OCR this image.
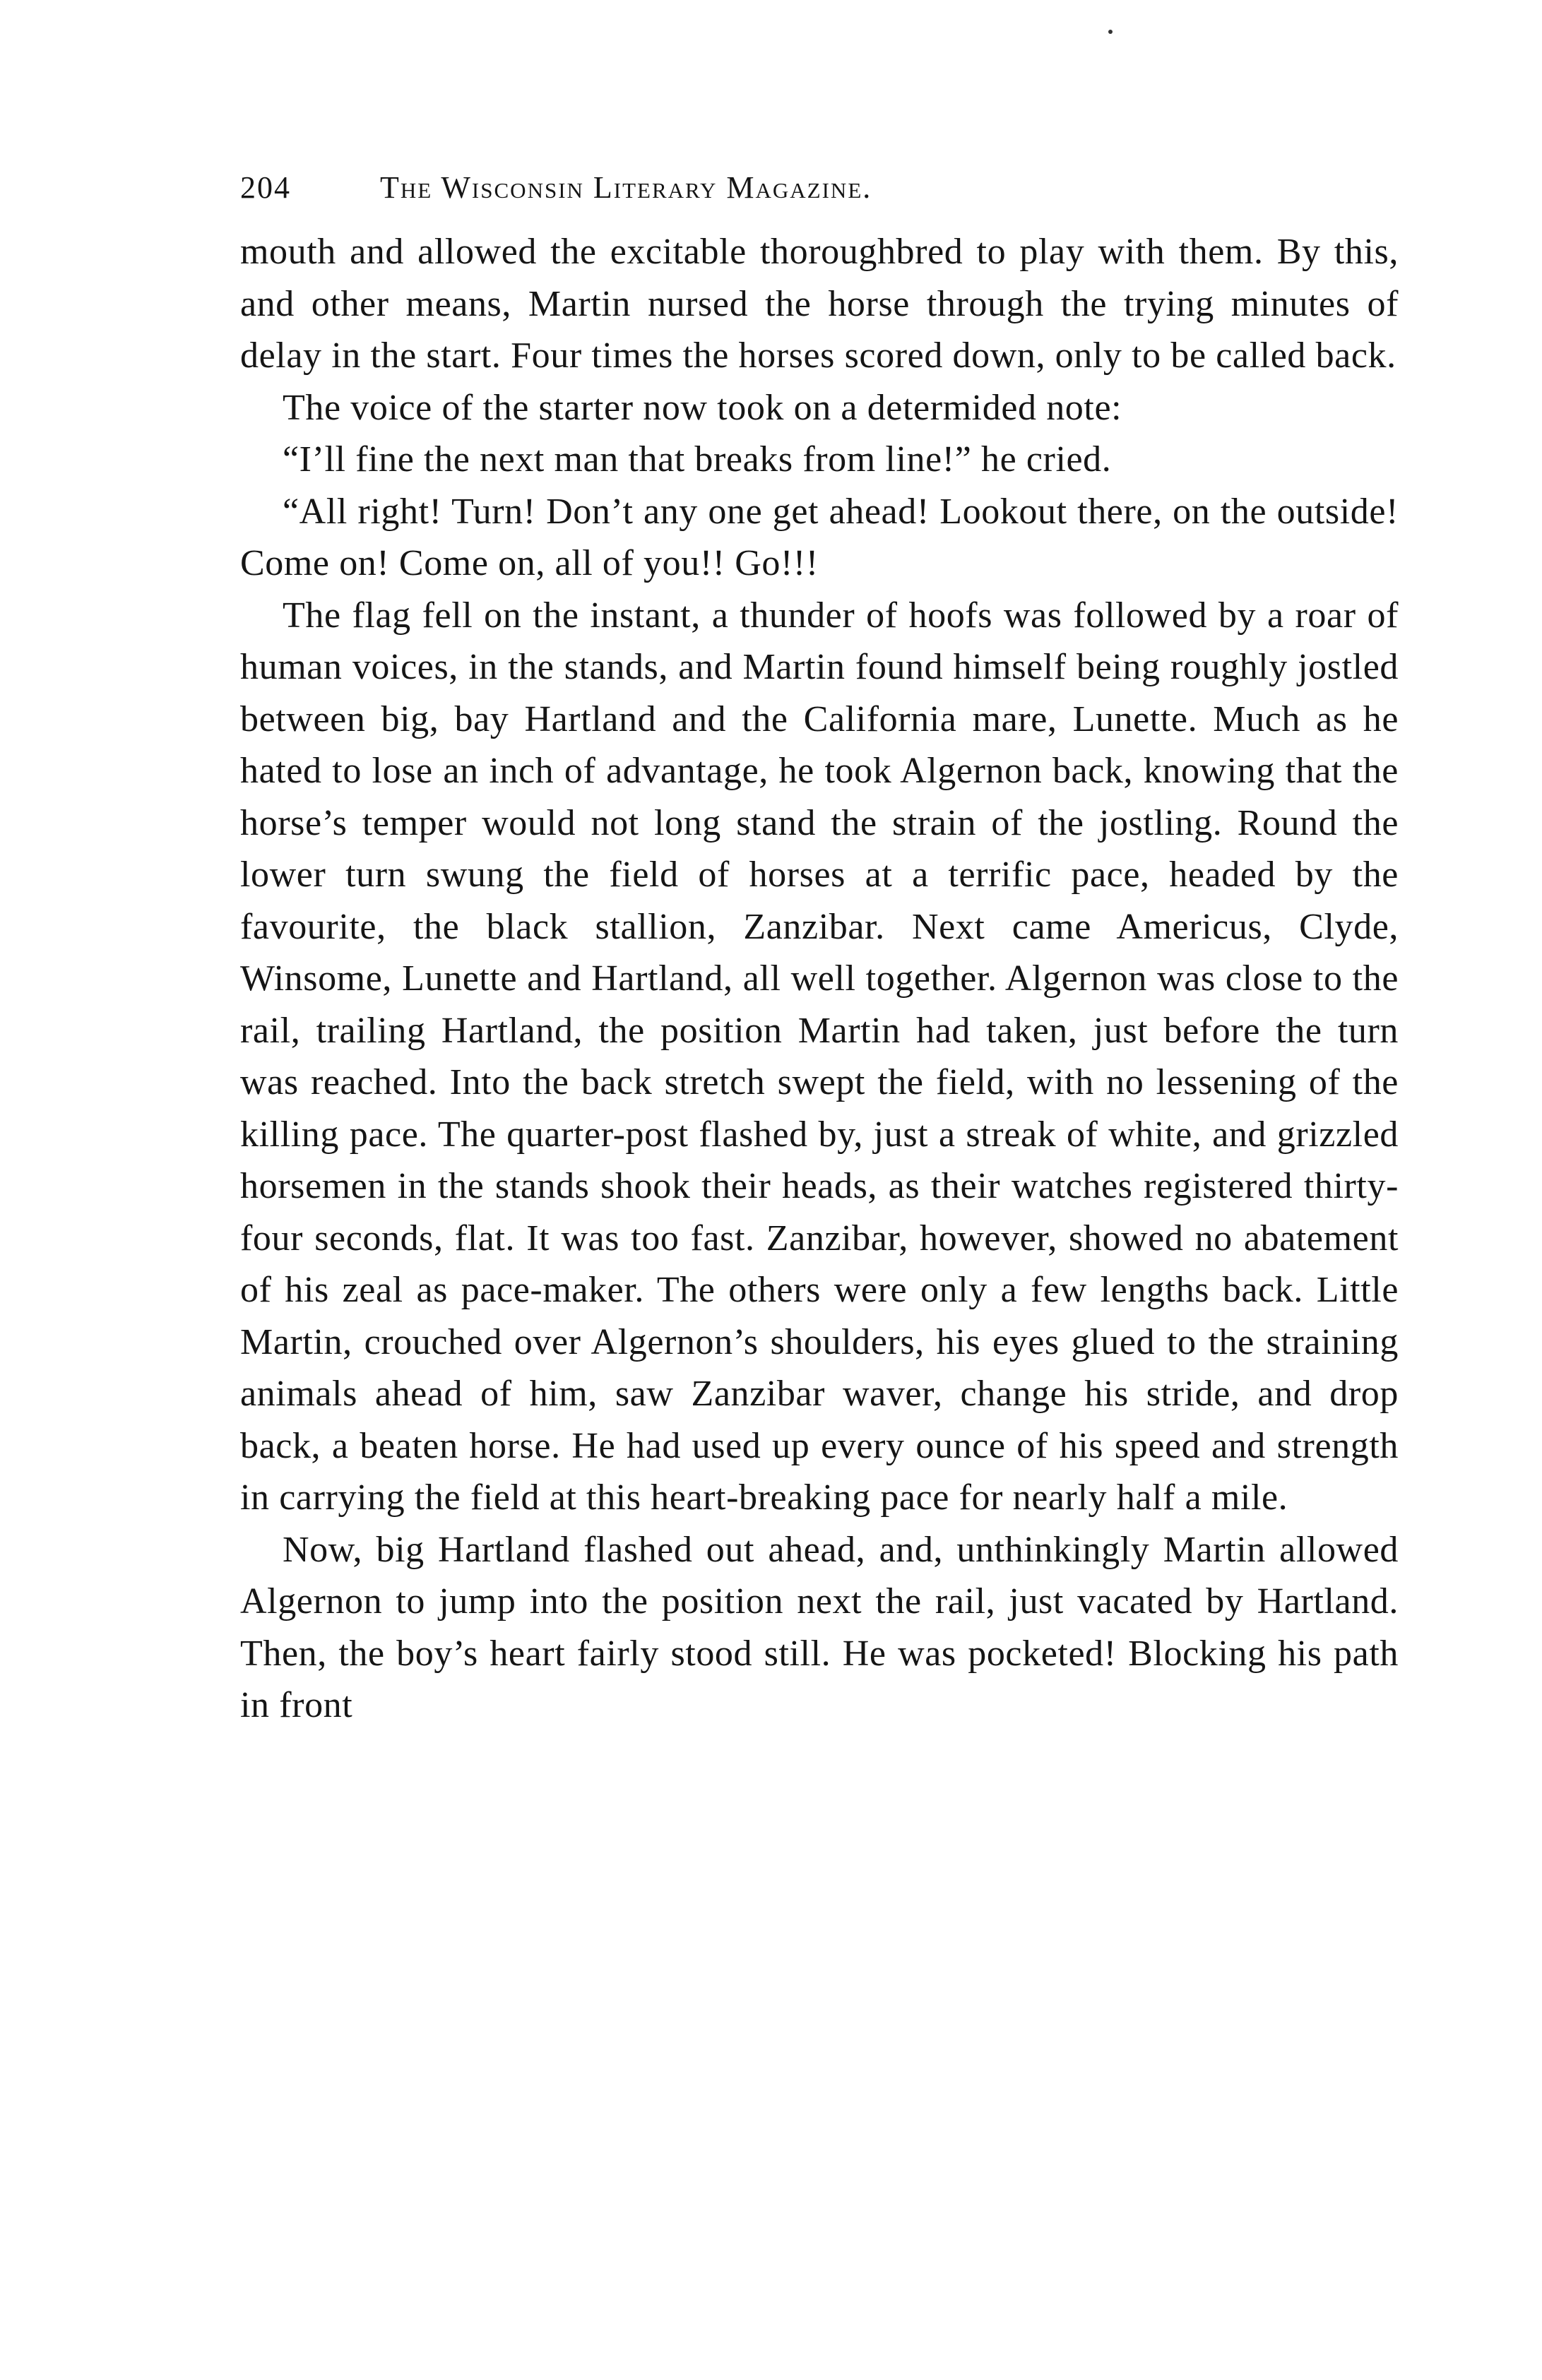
204	The Wisconsin Literary Magazine.

mouth and allowed the excitable thoroughbred to play with them. By this, and other means, Martin nursed the horse through the trying minutes of delay in the start. Four times the horses scored down, only to be called back.

The voice of the starter now took on a determided note:

“I’ll fine the next man that breaks from line!” he cried.

“All right! Turn! Don’t any one get ahead! Lookout there, on the outside! Come on! Come on, all of you!! Go!!!

The flag fell on the instant, a thunder of hoofs was followed by a roar of human voices, in the stands, and Martin found himself being roughly jostled between big, bay Hartland and the California mare, Lunette. Much as he hated to lose an inch of advantage, he took Algernon back, knowing that the horse’s temper would not long stand the strain of the jostling. Round the lower turn swung the field of horses at a terrific pace, headed by the favourite, the black stallion, Zanzibar. Next came Americus, Clyde, Winsome, Lunette and Hartland, all well together. Algernon was close to the rail, trailing Hartland, the position Martin had taken, just before the turn was reached. Into the back stretch swept the field, with no lessening of the killing pace. The quarter-post flashed by, just a streak of white, and grizzled horsemen in the stands shook their heads, as their watches registered thirty-four seconds, flat. It was too fast. Zanzibar, however, showed no abatement of his zeal as pace-maker. The others were only a few lengths back. Little Martin, crouched over Algernon’s shoulders, his eyes glued to the straining animals ahead of him, saw Zanzibar waver, change his stride, and drop back, a beaten horse. He had used up every ounce of his speed and strength in carrying the field at this heart-breaking pace for nearly half a mile.

Now, big Hartland flashed out ahead, and, unthinkingly Martin allowed Algernon to jump into the position next the rail, just vacated by Hartland. Then, the boy’s heart fairly stood still. He was pocketed! Blocking his path in front
